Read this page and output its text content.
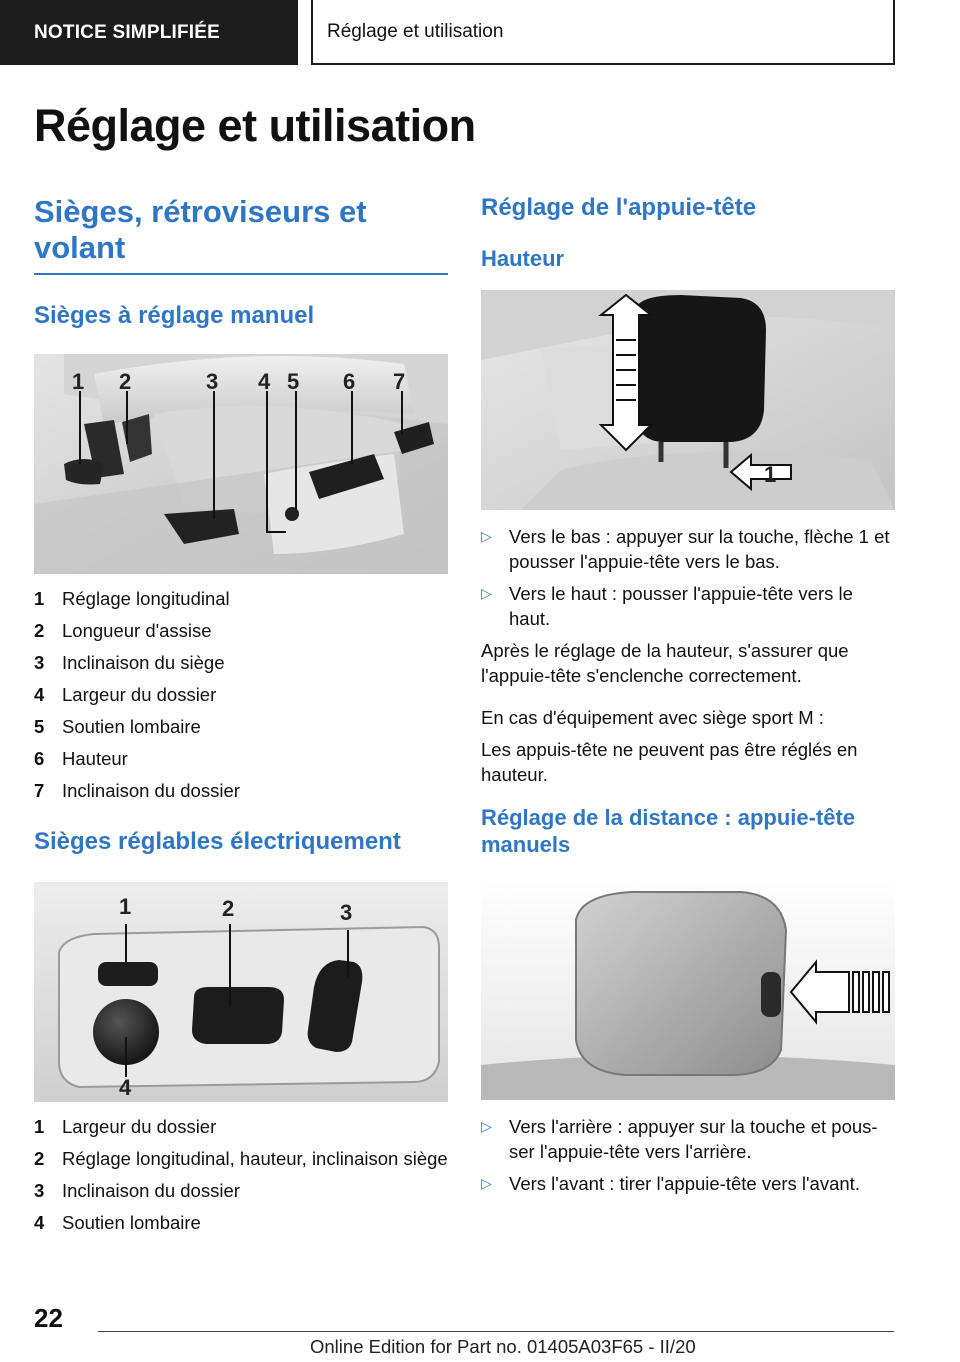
NOTICE SIMPLIFIÉE	Réglage et utilisation
Réglage et utilisation
Sièges, rétroviseurs et volant
Sièges à réglage manuel
1 2	3 4 5 6 7
1 Réglage longitudinal
2 Longueur d'assise
3 Inclinaison du siège
4 Largeur du dossier
5 Soutien lombaire
6 Hauteur
7 Inclinaison du dossier
Sièges réglables électriquement
1	2	3
4
1 Largeur du dossier
2 Réglage longitudinal, hauteur, inclinaison siège
3 Inclinaison du dossier
4 Soutien lombaire
Réglage de l'appuie-tête
Hauteur
1
▷ Vers le bas : appuyer sur la touche, flèche 1 et pousser l'appuie-tête vers le bas.
▷ Vers le haut : pousser l'appuie-tête vers le haut.

Après le réglage de la hauteur, s'assurer que l'appuie-tête s'enclenche correctement.

En cas d'équipement avec siège sport M :

Les appuis-tête ne peuvent pas être réglés en hauteur.

Réglage de la distance : appuie-tête manuels
▷ Vers l'arrière : appuyer sur la touche et pous-ser l'appuie-tête vers l'arrière.
▷ Vers l'avant : tirer l'appuie-tête vers l'avant.
22
Online Edition for Part no. 01405A03F65 - II/20
